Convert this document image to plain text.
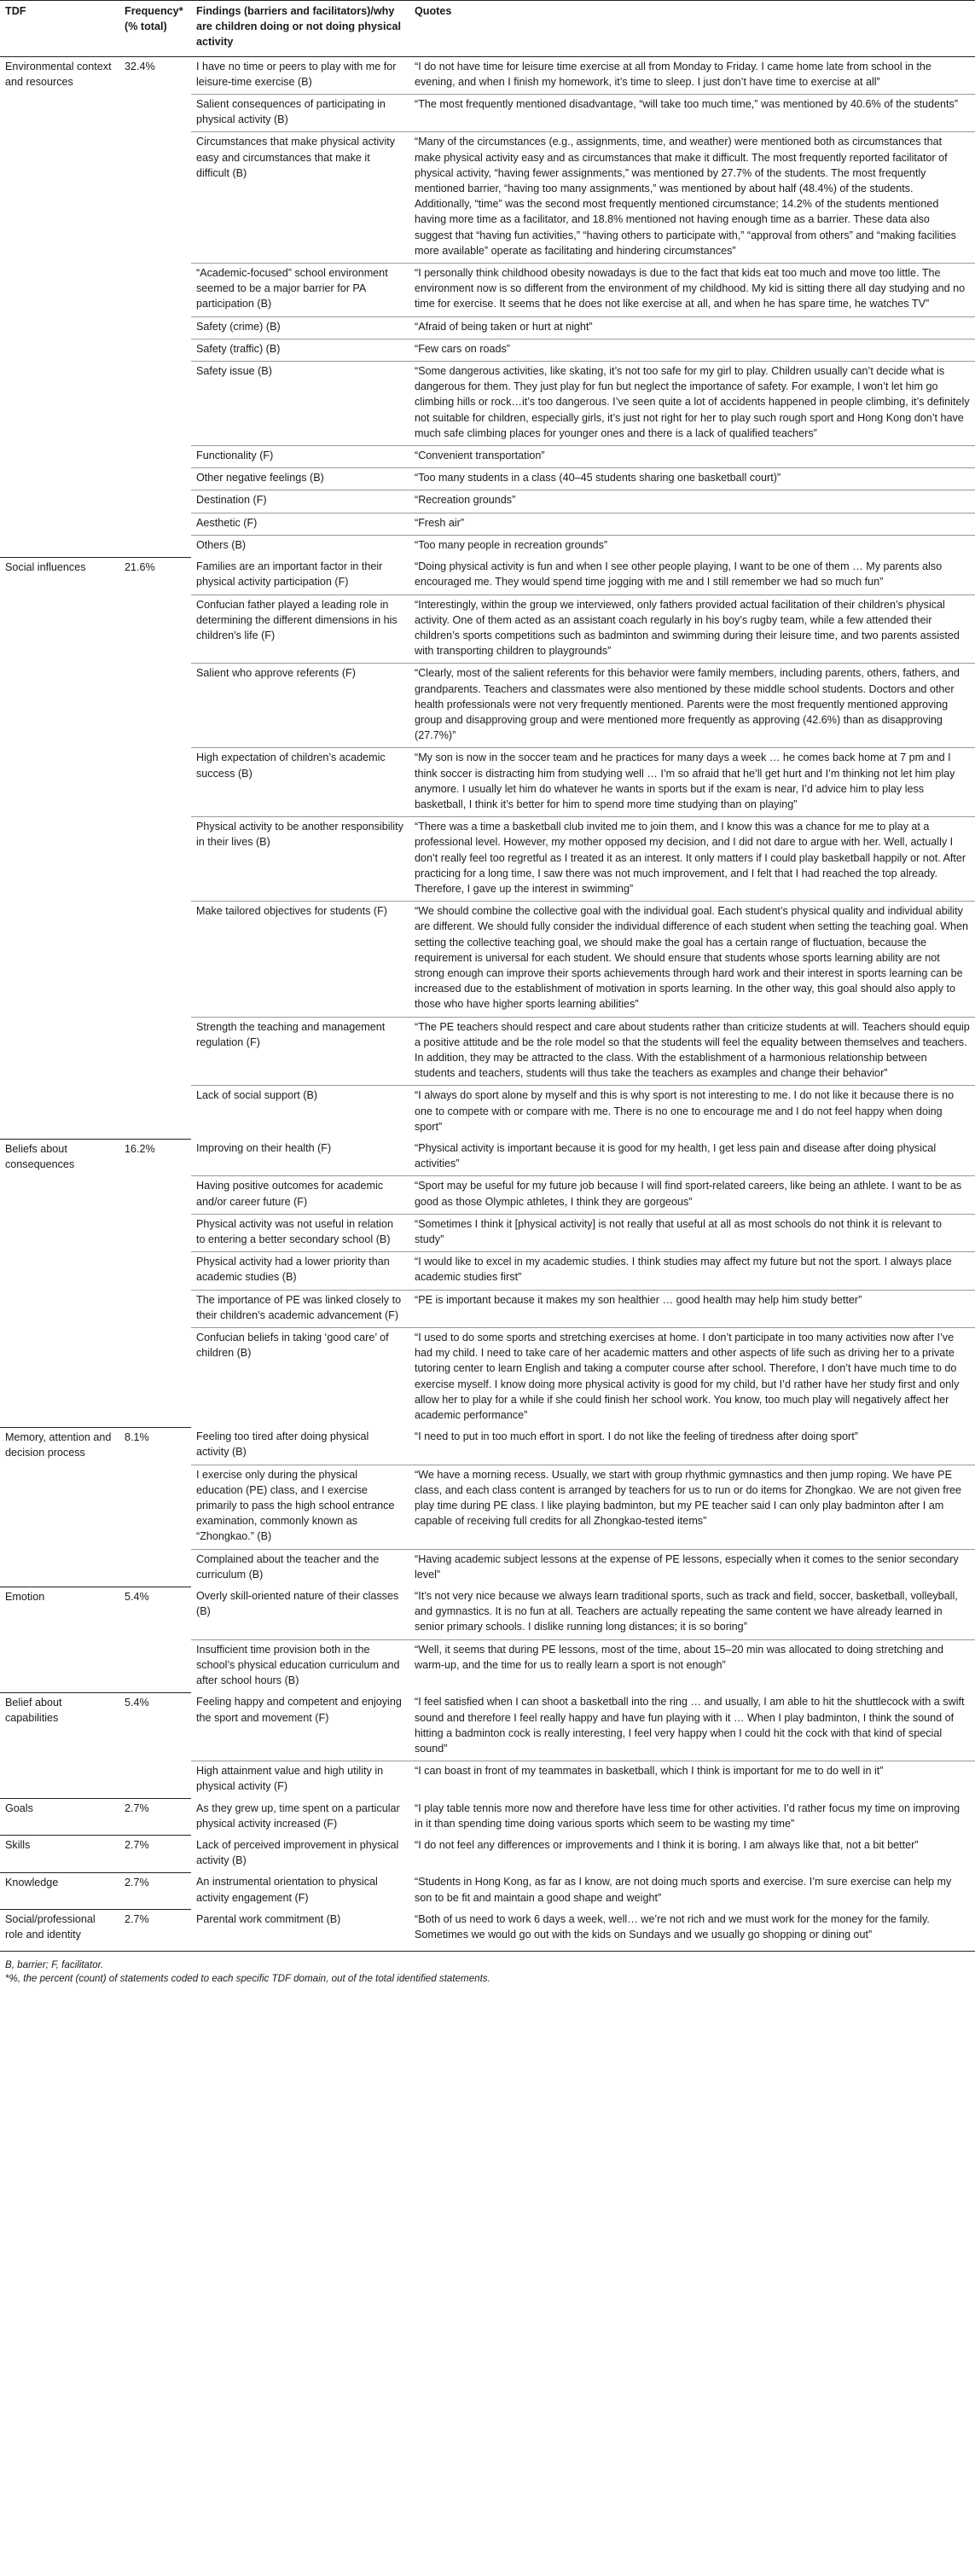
TDF	Frequency* (% total)	Findings (barriers and facilitators)/why are children doing or not doing physical activity	Quotes
Environmental context and resources	32.4%	I have no time or peers to play with me for leisure-time exercise (B)	“I do not have time for leisure time exercise at all from Monday to Friday. I came home late from school in the evening, and when I finish my homework, it’s time to sleep. I just don’t have time to exercise at all”
		Salient consequences of participating in physical activity (B)	“The most frequently mentioned disadvantage, “will take too much time,” was mentioned by 40.6% of the students”
		Circumstances that make physical activity easy and circumstances that make it difficult (B)	“Many of the circumstances (e.g., assignments, time, and weather) were mentioned both as circumstances that make physical activity easy and as circumstances that make it difficult. The most frequently reported facilitator of physical activity, “having fewer assignments,” was mentioned by 27.7% of the students. The most frequently mentioned barrier, “having too many assignments,” was mentioned by about half (48.4%) of the students. Additionally, “time” was the second most frequently mentioned circumstance; 14.2% of the students mentioned having more time as a facilitator, and 18.8% mentioned not having enough time as a barrier. These data also suggest that “having fun activities,” “having others to participate with,” “approval from others” and “making facilities more available” operate as facilitating and hindering circumstances”
		“Academic-focused” school environment seemed to be a major barrier for PA participation (B)	“I personally think childhood obesity nowadays is due to the fact that kids eat too much and move too little. The environment now is so different from the environment of my childhood. My kid is sitting there all day studying and no time for exercise. It seems that he does not like exercise at all, and when he has spare time, he watches TV”
		Safety (crime) (B)	“Afraid of being taken or hurt at night”
		Safety (traffic) (B)	“Few cars on roads”
		Safety issue (B)	“Some dangerous activities, like skating, it’s not too safe for my girl to play. Children usually can’t decide what is dangerous for them. They just play for fun but neglect the importance of safety. For example, I won’t let him go climbing hills or rock…it’s too dangerous. I’ve seen quite a lot of accidents happened in people climbing, it’s definitely not suitable for children, especially girls, it’s just not right for her to play such rough sport and Hong Kong don’t have much safe climbing places for younger ones and there is a lack of qualified teachers”
		Functionality (F)	“Convenient transportation”
		Other negative feelings (B)	“Too many students in a class (40–45 students sharing one basketball court)”
		Destination (F)	“Recreation grounds”
		Aesthetic (F)	“Fresh air”
		Others (B)	“Too many people in recreation grounds”
Social influences	21.6%	Families are an important factor in their physical activity participation (F)	“Doing physical activity is fun and when I see other people playing, I want to be one of them … My parents also encouraged me. They would spend time jogging with me and I still remember we had so much fun”
		Confucian father played a leading role in determining the different dimensions in his children’s life (F)	“Interestingly, within the group we interviewed, only fathers provided actual facilitation of their children’s physical activity. One of them acted as an assistant coach regularly in his boy’s rugby team, while a few attended their children’s sports competitions such as badminton and swimming during their leisure time, and two parents assisted with transporting children to playgrounds”
		Salient who approve referents (F)	“Clearly, most of the salient referents for this behavior were family members, including parents, others, fathers, and grandparents. Teachers and classmates were also mentioned by these middle school students. Doctors and other health professionals were not very frequently mentioned. Parents were the most frequently mentioned approving group and disapproving group and were mentioned more frequently as approving (42.6%) than as disapproving (27.7%)”
		High expectation of children’s academic success (B)	“My son is now in the soccer team and he practices for many days a week … he comes back home at 7 pm and I think soccer is distracting him from studying well … I’m so afraid that he’ll get hurt and I’m thinking not let him play anymore. I usually let him do whatever he wants in sports but if the exam is near, I’d advice him to play less basketball, I think it’s better for him to spend more time studying than on playing”
		Physical activity to be another responsibility in their lives (B)	“There was a time a basketball club invited me to join them, and I know this was a chance for me to play at a professional level. However, my mother opposed my decision, and I did not dare to argue with her. Well, actually I don’t really feel too regretful as I treated it as an interest. It only matters if I could play basketball happily or not. After practicing for a long time, I saw there was not much improvement, and I felt that I had reached the top already. Therefore, I gave up the interest in swimming”
		Make tailored objectives for students (F)	“We should combine the collective goal with the individual goal. Each student’s physical quality and individual ability are different. We should fully consider the individual difference of each student when setting the teaching goal. When setting the collective teaching goal, we should make the goal has a certain range of fluctuation, because the requirement is universal for each student. We should ensure that students whose sports learning ability are not strong enough can improve their sports achievements through hard work and their interest in sports learning can be increased due to the establishment of motivation in sports learning. In the other way, this goal should also apply to those who have higher sports learning abilities”
		Strength the teaching and management regulation (F)	“The PE teachers should respect and care about students rather than criticize students at will. Teachers should equip a positive attitude and be the role model so that the students will feel the equality between themselves and teachers. In addition, they may be attracted to the class. With the establishment of a harmonious relationship between students and teachers, students will thus take the teachers as examples and change their behavior”
		Lack of social support (B)	“I always do sport alone by myself and this is why sport is not interesting to me. I do not like it because there is no one to compete with or compare with me. There is no one to encourage me and I do not feel happy when doing sport”
Beliefs about consequences	16.2%	Improving on their health (F)	“Physical activity is important because it is good for my health, I get less pain and disease after doing physical activities”
		Having positive outcomes for academic and/or career future (F)	“Sport may be useful for my future job because I will find sport-related careers, like being an athlete. I want to be as good as those Olympic athletes, I think they are gorgeous”
		Physical activity was not useful in relation to entering a better secondary school (B)	“Sometimes I think it [physical activity] is not really that useful at all as most schools do not think it is relevant to study”
		Physical activity had a lower priority than academic studies (B)	“I would like to excel in my academic studies. I think studies may affect my future but not the sport. I always place academic studies first”
		The importance of PE was linked closely to their children’s academic advancement (F)	“PE is important because it makes my son healthier … good health may help him study better”
		Confucian beliefs in taking ‘good care’ of children (B)	“I used to do some sports and stretching exercises at home. I don’t participate in too many activities now after I’ve had my child. I need to take care of her academic matters and other aspects of life such as driving her to a private tutoring center to learn English and taking a computer course after school. Therefore, I don’t have much time to do exercise myself. I know doing more physical activity is good for my child, but I’d rather have her study first and only allow her to play for a while if she could finish her school work. You know, too much play will negatively affect her academic performance”
Memory, attention and decision process	8.1%	Feeling too tired after doing physical activity (B)	“I need to put in too much effort in sport. I do not like the feeling of tiredness after doing sport”
		I exercise only during the physical education (PE) class, and I exercise primarily to pass the high school entrance examination, commonly known as “Zhongkao.” (B)	“We have a morning recess. Usually, we start with group rhythmic gymnastics and then jump roping. We have PE class, and each class content is arranged by teachers for us to run or do items for Zhongkao. We are not given free play time during PE class. I like playing badminton, but my PE teacher said I can only play badminton after I am capable of receiving full credits for all Zhongkao-tested items”
		Complained about the teacher and the curriculum (B)	“Having academic subject lessons at the expense of PE lessons, especially when it comes to the senior secondary level”
Emotion	5.4%	Overly skill-oriented nature of their classes (B)	“It’s not very nice because we always learn traditional sports, such as track and field, soccer, basketball, volleyball, and gymnastics. It is no fun at all. Teachers are actually repeating the same content we have already learned in senior primary schools. I dislike running long distances; it is so boring”
		Insufficient time provision both in the school’s physical education curriculum and after school hours (B)	“Well, it seems that during PE lessons, most of the time, about 15–20 min was allocated to doing stretching and warm-up, and the time for us to really learn a sport is not enough”
Belief about capabilities	5.4%	Feeling happy and competent and enjoying the sport and movement (F)	“I feel satisfied when I can shoot a basketball into the ring … and usually, I am able to hit the shuttlecock with a swift sound and therefore I feel really happy and have fun playing with it … When I play badminton, I think the sound of hitting a badminton cock is really interesting, I feel very happy when I could hit the cock with that kind of special sound”
		High attainment value and high utility in physical activity (F)	“I can boast in front of my teammates in basketball, which I think is important for me to do well in it”
Goals	2.7%	As they grew up, time spent on a particular physical activity increased (F)	“I play table tennis more now and therefore have less time for other activities. I’d rather focus my time on improving in it than spending time doing various sports which seem to be wasting my time”
Skills	2.7%	Lack of perceived improvement in physical activity (B)	“I do not feel any differences or improvements and I think it is boring. I am always like that, not a bit better”
Knowledge	2.7%	An instrumental orientation to physical activity engagement (F)	“Students in Hong Kong, as far as I know, are not doing much sports and exercise. I’m sure exercise can help my son to be fit and maintain a good shape and weight”
Social/professional role and identity	2.7%	Parental work commitment (B)	“Both of us need to work 6 days a week, well… we’re not rich and we must work for the money for the family. Sometimes we would go out with the kids on Sundays and we usually go shopping or dining out”
B, barrier; F, facilitator.
*%, the percent (count) of statements coded to each specific TDF domain, out of the total identified statements.
